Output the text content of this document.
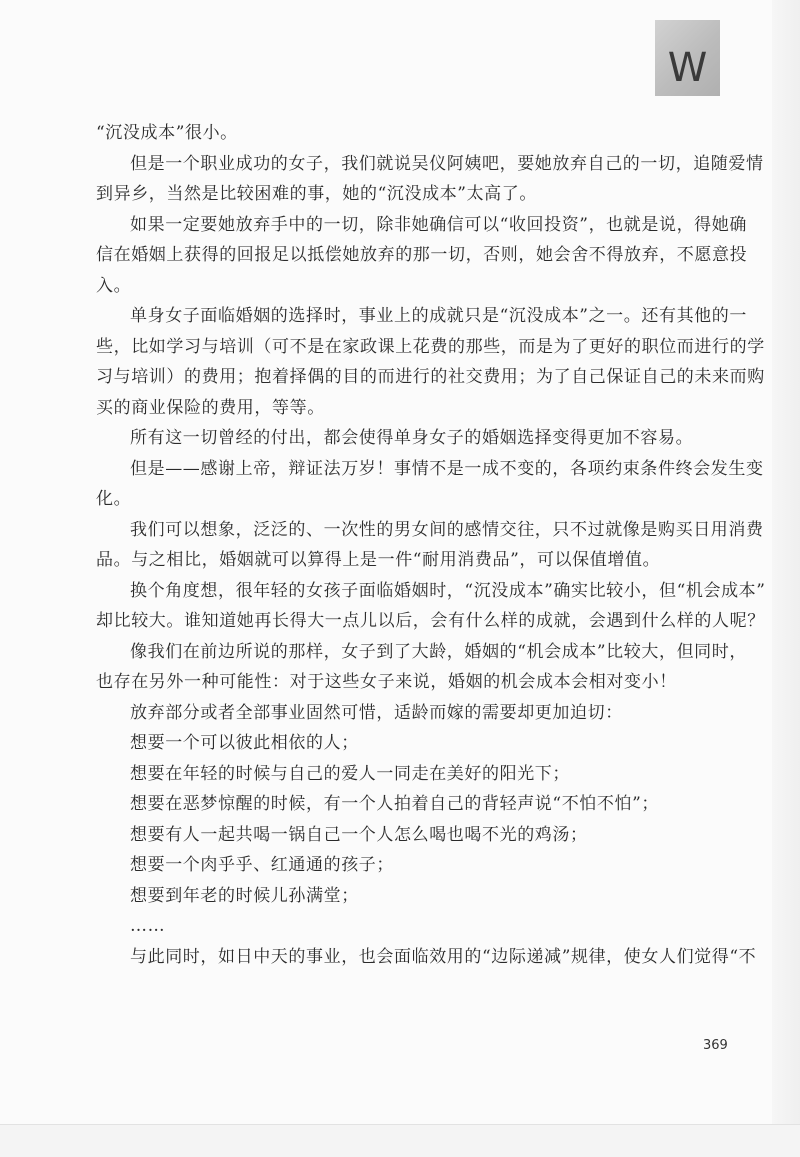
W
“沉没成本”很小。
但是一个职业成功的女子，我们就说吴仪阿姨吧，要她放弃自己的一切，追随爱情
到异乡，当然是比较困难的事，她的“沉没成本”太高了。
如果一定要她放弃手中的一切，除非她确信可以“收回投资”，也就是说，得她确
信在婚姻上获得的回报足以抵偿她放弃的那一切，否则，她会舍不得放弃，不愿意投
入。
单身女子面临婚姻的选择时，事业上的成就只是“沉没成本”之一。还有其他的一
些，比如学习与培训（可不是在家政课上花费的那些，而是为了更好的职位而进行的学
习与培训）的费用；抱着择偶的目的而进行的社交费用；为了自己保证自己的未来而购
买的商业保险的费用，等等。
所有这一切曾经的付出，都会使得单身女子的婚姻选择变得更加不容易。
但是——感谢上帝，辩证法万岁！事情不是一成不变的，各项约束条件终会发生变
化。
我们可以想象，泛泛的、一次性的男女间的感情交往，只不过就像是购买日用消费
品。与之相比，婚姻就可以算得上是一件“耐用消费品”，可以保值增值。
换个角度想，很年轻的女孩子面临婚姻时，“沉没成本”确实比较小，但“机会成本”
却比较大。谁知道她再长得大一点儿以后，会有什么样的成就，会遇到什么样的人呢？
像我们在前边所说的那样，女子到了大龄，婚姻的“机会成本”比较大，但同时，
也存在另外一种可能性：对于这些女子来说，婚姻的机会成本会相对变小！
放弃部分或者全部事业固然可惜，适龄而嫁的需要却更加迫切：
想要一个可以彼此相依的人；
想要在年轻的时候与自己的爱人一同走在美好的阳光下；
想要在恶梦惊醒的时候，有一个人拍着自己的背轻声说“不怕不怕”；
想要有人一起共喝一锅自己一个人怎么喝也喝不光的鸡汤；
想要一个肉乎乎、红通通的孩子；
想要到年老的时候儿孙满堂；
……
与此同时，如日中天的事业，也会面临效用的“边际递减”规律，使女人们觉得“不
369
